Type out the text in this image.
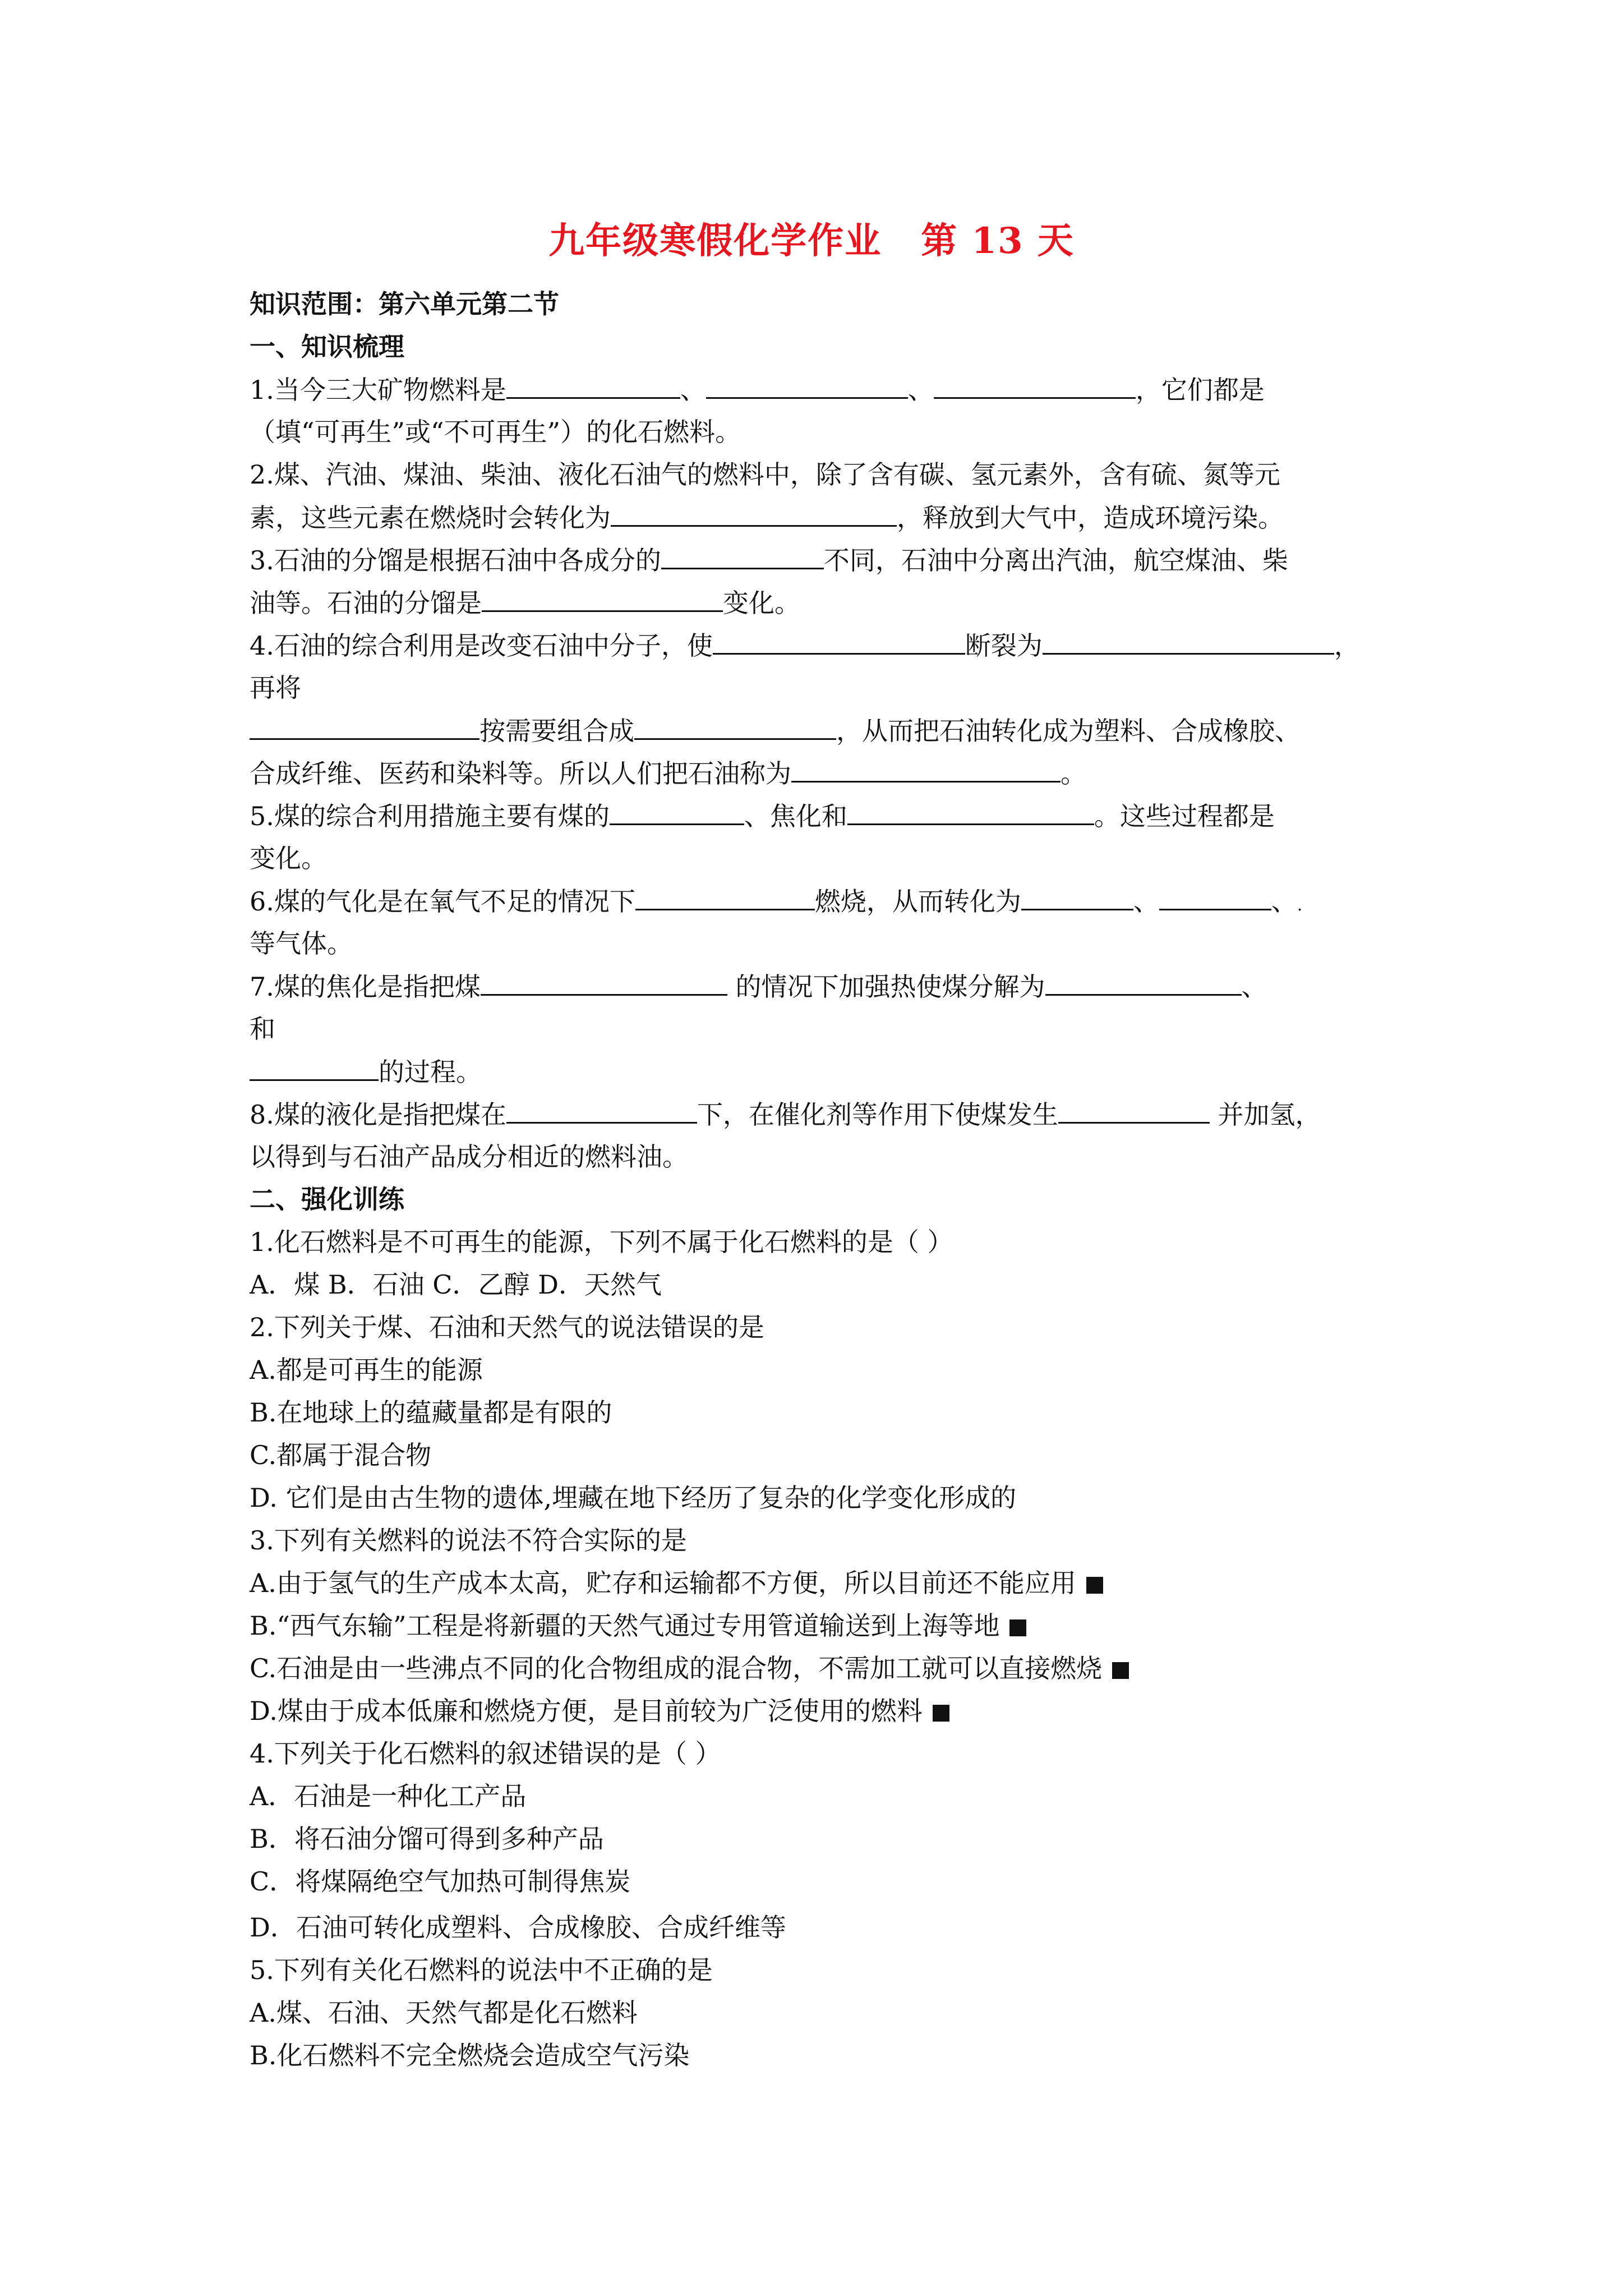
九年级寒假化学作业 第 13 天
知识范围：第六单元第二节
一、知识梳理
1.当今三大矿物燃料是	、	、	，它们都是
（填“可再生”或“不可再生”）的化石燃料。
2.煤、汽油、煤油、柴油、液化石油气的燃料中，除了含有碳、氢元素外，含有硫、氮等元
素，这些元素在燃烧时会转化为	，释放到大气中，造成环境污染。
3.石油的分馏是根据石油中各成分的	不同，石油中分离出汽油，航空煤油、柴
油等。石油的分馏是	变化。
4.石油的综合利用是改变石油中分子，使	断裂为	，
再将
按需要组合成	，从而把石油转化成为塑料、合成橡胶、
合成纤维、医药和染料等。所以人们把石油称为	。
5.煤的综合利用措施主要有煤的	、焦化和	。这些过程都是
变化。
6.煤的气化是在氧气不足的情况下	燃烧，从而转化为	、	、.
等气体。
7.煤的焦化是指把煤	的情况下加强热使煤分解为	、
和
的过程。
8.煤的液化是指把煤在	下，在催化剂等作用下使煤发生	并加氢，
以得到与石油产品成分相近的燃料油。
二、强化训练
1.化石燃料是不可再生的能源，下列不属于化石燃料的是（ ）
A．煤 B．石油 C．乙醇 D．天然气
2.下列关于煤、石油和天然气的说法错误的是
A.都是可再生的能源
B.在地球上的蕴藏量都是有限的
C.都属于混合物
D. 它们是由古生物的遗体,埋藏在地下经历了复杂的化学变化形成的
3.下列有关燃料的说法不符合实际的是
A.由于氢气的生产成本太高，贮存和运输都不方便，所以目前还不能应用
B.“西气东输”工程是将新疆的天然气通过专用管道输送到上海等地
C.石油是由一些沸点不同的化合物组成的混合物，不需加工就可以直接燃烧
D.煤由于成本低廉和燃烧方便，是目前较为广泛使用的燃料
4.下列关于化石燃料的叙述错误的是（ ）
A．石油是一种化工产品
B．将石油分馏可得到多种产品
C．将煤隔绝空气加热可制得焦炭
D．石油可转化成塑料、合成橡胶、合成纤维等
5.下列有关化石燃料的说法中不正确的是
A.煤、石油、天然气都是化石燃料
B.化石燃料不完全燃烧会造成空气污染
